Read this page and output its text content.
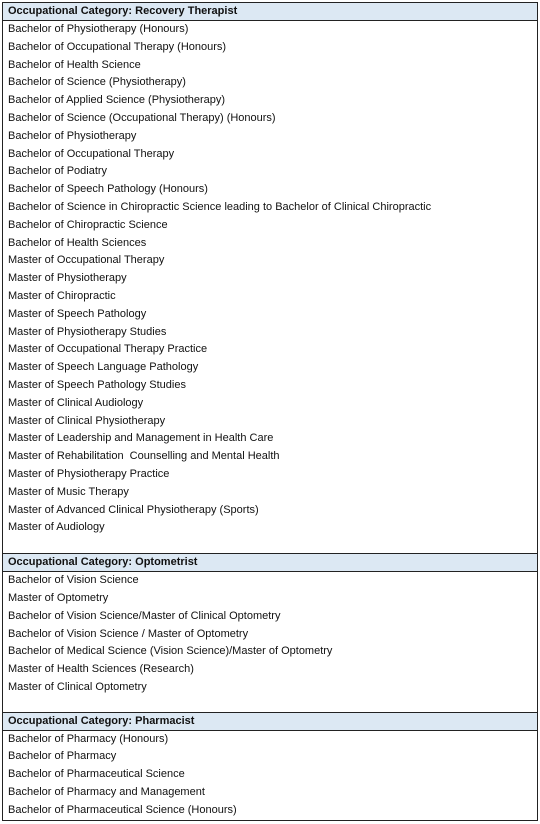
Occupational Category: Recovery Therapist
Bachelor of Physiotherapy (Honours)
Bachelor of Occupational Therapy (Honours)
Bachelor of Health Science
Bachelor of Science (Physiotherapy)
Bachelor of Applied Science (Physiotherapy)
Bachelor of Science (Occupational Therapy) (Honours)
Bachelor of Physiotherapy
Bachelor of Occupational Therapy
Bachelor of Podiatry
Bachelor of Speech Pathology (Honours)
Bachelor of Science in Chiropractic Science leading to Bachelor of Clinical Chiropractic
Bachelor of Chiropractic Science
Bachelor of Health Sciences
Master of Occupational Therapy
Master of Physiotherapy
Master of Chiropractic
Master of Speech Pathology
Master of Physiotherapy Studies
Master of Occupational Therapy Practice
Master of Speech Language Pathology
Master of Speech Pathology Studies
Master of Clinical Audiology
Master of Clinical Physiotherapy
Master of Leadership and Management in Health Care
Master of Rehabilitation  Counselling and Mental Health
Master of Physiotherapy Practice
Master of Music Therapy
Master of Advanced Clinical Physiotherapy (Sports)
Master of Audiology
Occupational Category: Optometrist
Bachelor of Vision Science
Master of Optometry
Bachelor of Vision Science/Master of Clinical Optometry
Bachelor of Vision Science / Master of Optometry
Bachelor of Medical Science (Vision Science)/Master of Optometry
Master of Health Sciences (Research)
Master of Clinical Optometry
Occupational Category: Pharmacist
Bachelor of Pharmacy (Honours)
Bachelor of Pharmacy
Bachelor of Pharmaceutical Science
Bachelor of Pharmacy and Management
Bachelor of Pharmaceutical Science (Honours)
